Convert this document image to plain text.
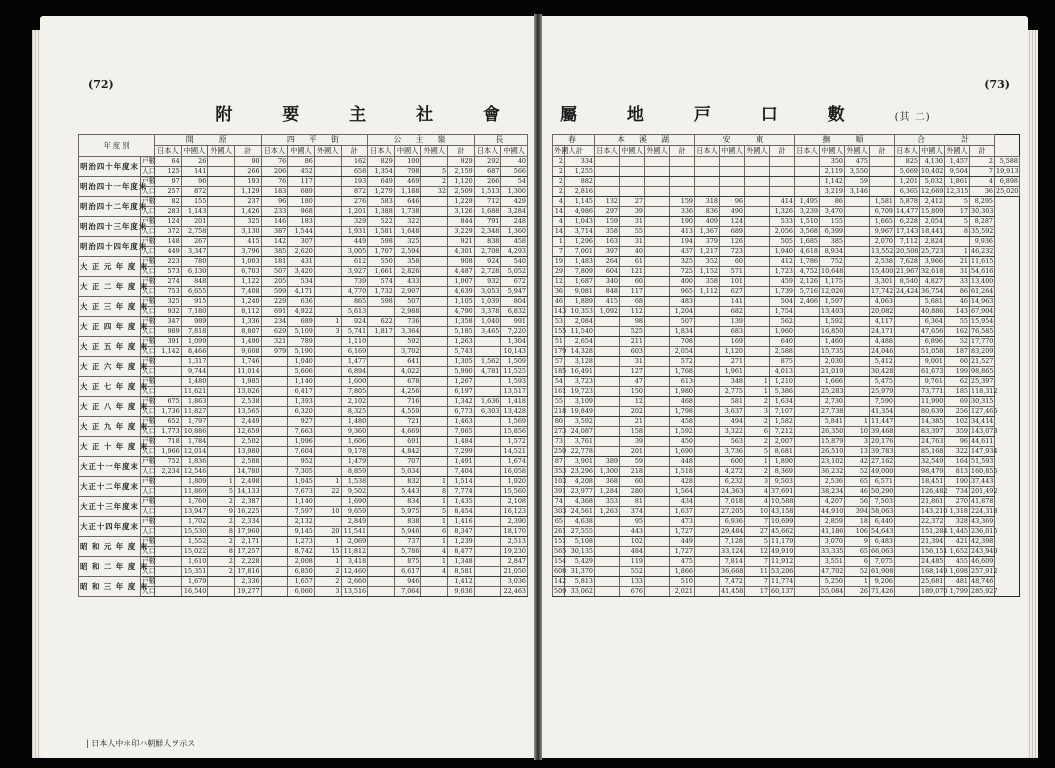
(72)
附 要 主 社 會
年 度 別		開　　原				四　平　街				公　主　嶺				長	
		日本人	中國人	外國人	計	日本人	中國人	外國人	計	日本人	中國人	外國人	計	日本人	中國人
明治四十年度末	戸數	64	26		90	76	86		162	829	100		929	292	40
	人口	125	141		266	206	452		658	1,354	798	5	2,159	687	566
明治四十一年度末	戸數	97	96		193	76	117		193	649	469	2	1,120	266	54
	人口	257	872		1,129	183	689		872	1,279	1,188	32	2,509	1,513	1,300
明治四十二年度末	戸數	82	155		237	96	180		276	583	646		1,229	712	429
	人口	283	1,143		1,426	233	968		1,201	1,388	1,738		3,126	1,688	3,284
明治四十三年度末	戸數	124	201		325	146	183		329	522	322		844	791	248
	人口	372	2,758		3,130	387	1,544		1,931	1,581	1,648		3,229	2,348	1,360
明治四十四年度末	戸數	148	267		415	142	307		449	598	325		921	838	458
	人口	449	3,347		3,796	385	2,620		3,005	1,707	2,594		4,301	2,708	4,293
大 正 元 年 度 末	戸數	223	780		1,003	181	431		612	550	358		908	924	540
	人口	573	6,130		6,703	507	3,420		3,927	1,661	2,826		4,487	2,728	5,052
大 正 二 年 度 末	戸數	274	848		1,122	205	534		739	574	433		1,007	932	672
	人口	753	6,655		7,408	599	4,171		4,770	1,732	2,907		4,639	3,053	5,947
大 正 三 年 度 末	戸數	325	915		1,240	229	636		865	598	507		1,105	1,039	804
	人口	932	7,180		8,112	691	4,922		5,613		2,988		4,790	3,378	6,832
大 正 四 年 度 末	戸數	347	989		1,336	234	689	1	924	622	736		1,358	1,040	991
	人口	989	7,818		8,807	629	5,109	3	5,741	1,817	3,364		5,185	3,465	7,220
大 正 五 年 度 末	戸數	391	1,099		1,490	321	789		1,110		592		1,263		1,304
	人口	1,142	8,466		9,608	979	5,190		6,169		3,702		5,743		10,143
大 正 六 年 度 末	戸數		1,317		1,746		1,040		1,477		641		1,305	1,562	1,509
	人口		9,744		11,014		5,606		6,894		4,022		5,990	4,781	11,525
大 正 七 年 度 末	戸數		1,480		1,985		1,140		1,600		678		1,267		1,593
	人口		11,621		13,026		6,417		7,805		4,256		6,197		13,517
大 正 八 年 度 末	戸數	675	1,863		2,538		1,393		2,102		716		1,342	1,636	1,418
	人口	1,736	11,827		13,565		6,320		8,325		4,559		6,773	6,303	13,428
大 正 九 年 度 末	戸數	652	1,797		2,449		927		1,480		721		1,463		1,569
	人口	1,773	10,886		12,659		7,663		9,360		4,669		7,065		15,856
大 正 十 年 度 末	戸數	718	1,784		2,502		1,096		1,606		691		1,484		1,572
	人口	1,966	12,014		13,980		7,604		9,178		4,842		7,299		14,521
大正十一年度末	戸數	752	1,836		2,588		952		1,479		707		1,491		1,674
	人口	2,234	12,546		14,780		7,305		8,859		5,034		7,404		16,058
大正十二年度末	戸數		1,809	1	2,498		1,045	1	1,538		832	1	1,514		1,920
	人口		11,869	5	14,133		7,673	22	9,502		5,443	8	7,774		15,560
大正十三年度末	戸數		1,760	2	2,387		1,140		1,690		834	1	1,435		2,108
	人口		13,947	9	16,225		7,597	10	9,659		5,975	5	8,454		16,123
大正十四年度末	戸數		1,702	2	2,334		2,132		2,849		838	1	1,416		2,390
	人口		15,530	8	17,960		9,145	20	11,541		5,946	6	8,347		18,170
昭 和 元 年 度 末	戸數		1,552	2	2,171		1,273	1	2,069		737	1	1,239		2,513
	人口		15,022	8	17,257		8,742	15	11,812		5,786	4	8,477		19,230
昭 和 二 年 度 末	戸數		1,610	2	2,228		2,008	1	3,418		875	1	1,348		2,847
	人口		15,351	2	17,816		6,850	2	12,460		6,617	4	8,581		21,050
昭 和 三 年 度 末	戸數		1,679		2,336		1,657	2	2,660		946		1,412		3,036
	人口		16,540		19,277		6,060	3	13,516		7,064		9,036		22,463
| 日本人中＊印ハ朝鮮人ヲ示ス
(73)
屬 地 戸 口 數	(其 二)
春		本　溪　湖				安　　東				撫　　順				合　　　計				
外國人	計	日本人	中國人	外國人	計	日本人	中國人	外國人	計	日本人	中國人	外國人	計	日本人	中國人	外國人	計	
2	334										350	475		825	4,130	1,457	2	5,588
2	1,255										2,119	3,550		5,669	10,402	9,504	7	19,913
2	882										1,142	59		1,201	5,032	1,861	4	6,898
2	2,816										3,219	3,146		6,365	12,669	12,315	36	25,020
4	1,145	132	27		159	318	96		414	1,495	86		1,581	5,878	2,412	5	8,295	
14	4,986	297	39		336	836	490		1,326	3,239	3,470		6,709	14,477	15,809	17	30,303	
4	1,043	159	31		190	409	124		533	1,510	155		1,665	6,228	2,054	5	8,287	
14	3,714	358	55		413	1,367	689		2,056	3,568	6,399		9,967	17,143	18,441	8	35,592	
1	1,296	163	31		194	379	126		505	1,685	385		2,070	7,112	2,824		9,936	
7	7,001	397	40		437	1,217	723		1,940	4,618	8,934		13,552	20,508	25,723	1	46,232	
19	1,483	264	61		325	352	60		412	1,786	752		2,538	7,628	3,966	21	11,615	
29	7,809	604	121		725	1,152	571		1,723	4,752	10,648		15,400	21,967	32,618	31	54,616	
12	1,687	340	60		400	358	101		459	2,126	1,175		3,301	8,540	4,827	33	13,400	
36	9,081	848	117		965	1,112	627		1,739	5,716	12,026		17,742	24,424	36,754	86	61,264	
46	1,889	415	68		483		141		504	2,466	1,597		4,063		5,681	46	14,963	
143	10,353	1,092	112		1,204		682		1,754		13,403		20,082		40,886	143	67,904	
53	2,084		98		507		139		562		1,592		4,117		6,364	55	15,954	
155	11,540		525		1,834		683		1,960		16,850		24,171		47,656	162	76,585	
51	2,654		211		708		169		640		1,460		4,488		6,896	52	17,770	
179	14,328		603		2,054		1,120		2,588		15,735		24,046		51,058	187	83,209	
57	3,128		31		572		271		875		2,030		5,412		9,001	60	21,527	
185	16,491		127		1,768		1,961		4,013		21,019		30,428		61,673	199	98,865	
54	3,723		47		613		348	1	1,210		1,666		5,475		9,761	62	25,397	
161	19,723		150		1,980		2,775	1	5,386		25,283		25,979		73,771	185	118,312	
55	3,109		12		468		581	2	1,634		2,730		7,590		11,990	69	30,315	
218	19,849		202		1,798		3,637	3	7,107		27,738		41,354		80,639	256	127,465	
80	3,592		21		458		494	2	1,582		5,841	1	11,447		14,385	102	34,414	
273	24,087		158		1,592		3,322	6	7,212		26,350	10	39,468		83,397	359	143,073	
73	3,761		39		450		563	2	2,007		15,879	3	20,176		24,763	96	44,611	
250	22,778		201		1,690		3,736	5	8,681		26,510	13	39,783		85,168	322	147,934	
87	3,901	389	59		448		600	1	1,890		23,102	42	27,162		32,549	164	51,593	
353	23,296	1,300	218		1,518		4,272	2	8,369		36,232	52	49,000		98,479	813	160,855	
103	4,208	368	60		428		6,232	3	9,503		2,536	65	6,571		18,451	190	37,443	
391	23,977	1,284	280		1,564		24,363	4	37,691		38,234	46	50,290		126,482	734	201,492	
74	4,368	353	81		434		7,018	4	10,588		4,207	56	7,503		21,861	270	41,878	
303	24,561	1,263	374		1,637		27,205	10	43,158		44,910	394	58,063		143,210	1,318	224,318	
65	4,638		95		473		6,936	7	10,699		2,859	18	6,440		22,372	328	43,369	
261	27,555		443		1,727		29,484	27	45,662		41,186	106	54,643		151,284	1,445	236,015	
151	5,108		102		449		7,128	5	11,179		3,070	9	6,483		21,394	421	42,398	
565	30,135		484		1,727		33,124	12	49,910		33,335	65	66,063		156,151	1,652	243,940	
154	5,429		119		475		7,814	7	11,912		3,551	6	7,075		24,485	455	46,609	
608	31,370		552		1,866		36,668	11	53,206		47,702	52	61,908		168,149	1,698	257,912	
142	5,813		133		510		7,472	7	11,774		5,250	1	9,206		25,681	481	48,746	
509	33,062		676		2,021		41,458	17	60,137		55,084	26	71,426		189,070	1,799	285,927	
